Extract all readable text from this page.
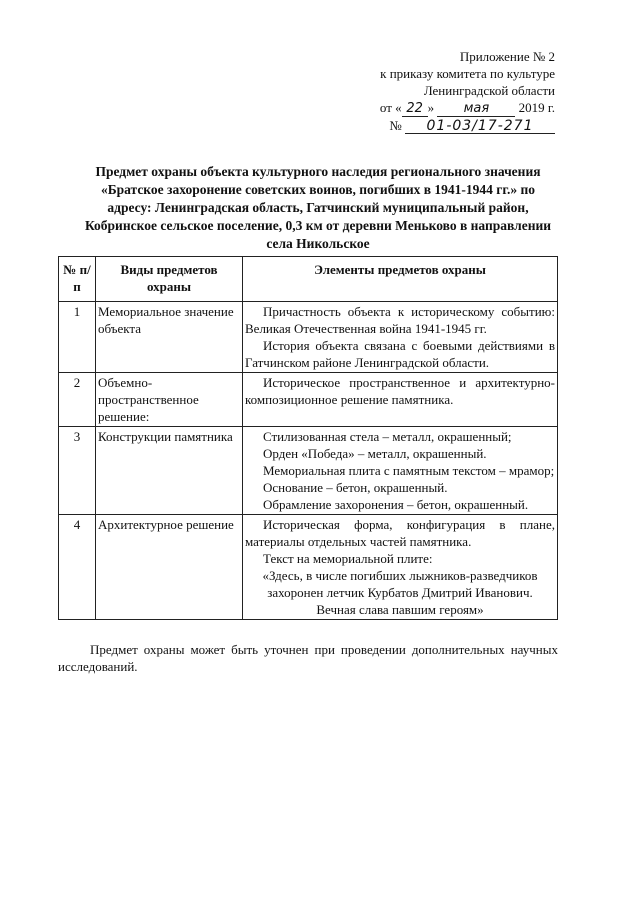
Приложение № 2
к приказу комитета по культуре
Ленинградской области
от « 22 » мая 2019 г.
№ 01-03/17-271
Предмет охраны объекта культурного наследия регионального значения «Братское захоронение советских воинов, погибших в 1941-1944 гг.» по адресу: Ленинградская область, Гатчинский муниципальный район, Кобринское сельское поселение, 0,3 км от деревни Меньково в направлении села Никольское
№ п/п	Виды предметов охраны	Элементы предметов охраны
1	Мемориальное значение объекта	Причастность объекта к историческому событию: Великая Отечественная война 1941-1945 гг.

История объекта связана с боевыми действиями в Гатчинском районе Ленинградской области.

2	Объемно-пространственное решение:	Историческое пространственное и архитектурно-композиционное решение памятника.

3	Конструкции памятника	Стилизованная стела – металл, окрашенный;

Орден «Победа» – металл, окрашенный.

Мемориальная плита с памятным текстом – мрамор;

Основание – бетон, окрашенный.

Обрамление захоронения – бетон, окрашенный.

4	Архитектурное решение	Историческая форма, конфигурация в плане, материалы отдельных частей памятника.

Текст на мемориальной плите:

«Здесь, в числе погибших лыжников-разведчиков захоронен летчик Курбатов Дмитрий Иванович.

Вечная слава павшим героям»

Предмет охраны может быть уточнен при проведении дополнительных научных исследований.
